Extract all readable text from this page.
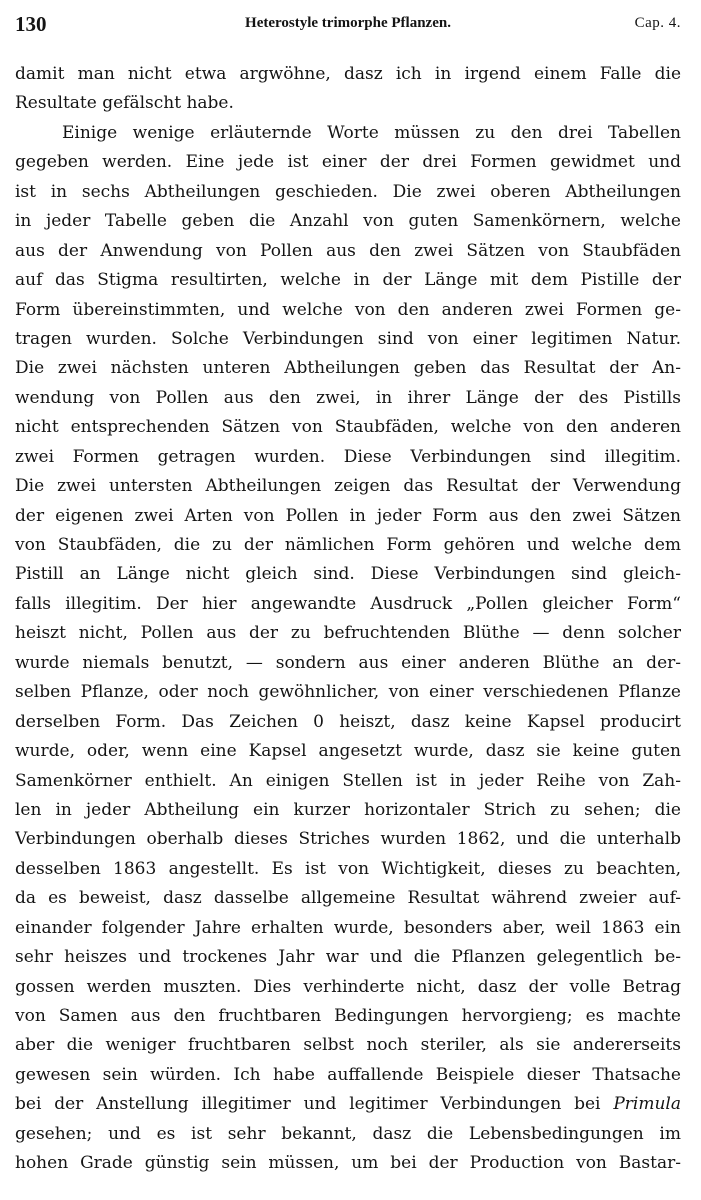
130	Heterostyle trimorphe Pflanzen.	Cap. 4.
damit man nicht etwa argwöhne, dasz ich in irgend einem Falle die
Resultate gefälscht habe.
Einige wenige erläuternde Worte müssen zu den drei Tabellen
gegeben werden. Eine jede ist einer der drei Formen gewidmet und
ist in sechs Abtheilungen geschieden. Die zwei oberen Abtheilungen
in jeder Tabelle geben die Anzahl von guten Samenkörnern, welche
aus der Anwendung von Pollen aus den zwei Sätzen von Staubfäden
auf das Stigma resultirten, welche in der Länge mit dem Pistille der
Form übereinstimmten, und welche von den anderen zwei Formen ge-
tragen wurden. Solche Verbindungen sind von einer legitimen Natur.
Die zwei nächsten unteren Abtheilungen geben das Resultat der An-
wendung von Pollen aus den zwei, in ihrer Länge der des Pistills
nicht entsprechenden Sätzen von Staubfäden, welche von den anderen
zwei Formen getragen wurden. Diese Verbindungen sind illegitim.
Die zwei untersten Abtheilungen zeigen das Resultat der Verwendung
der eigenen zwei Arten von Pollen in jeder Form aus den zwei Sätzen
von Staubfäden, die zu der nämlichen Form gehören und welche dem
Pistill an Länge nicht gleich sind. Diese Verbindungen sind gleich-
falls illegitim. Der hier angewandte Ausdruck „Pollen gleicher Form“
heiszt nicht, Pollen aus der zu befruchtenden Blüthe — denn solcher
wurde niemals benutzt, — sondern aus einer anderen Blüthe an der-
selben Pflanze, oder noch gewöhnlicher, von einer verschiedenen Pflanze
derselben Form. Das Zeichen 0 heiszt, dasz keine Kapsel producirt
wurde, oder, wenn eine Kapsel angesetzt wurde, dasz sie keine guten
Samenkörner enthielt. An einigen Stellen ist in jeder Reihe von Zah-
len in jeder Abtheilung ein kurzer horizontaler Strich zu sehen; die
Verbindungen oberhalb dieses Striches wurden 1862, und die unterhalb
desselben 1863 angestellt. Es ist von Wichtigkeit, dieses zu beachten,
da es beweist, dasz dasselbe allgemeine Resultat während zweier auf-
einander folgender Jahre erhalten wurde, besonders aber, weil 1863 ein
sehr heiszes und trockenes Jahr war und die Pflanzen gelegentlich be-
gossen werden muszten. Dies verhinderte nicht, dasz der volle Betrag
von Samen aus den fruchtbaren Bedingungen hervorgieng; es machte
aber die weniger fruchtbaren selbst noch steriler, als sie andererseits
gewesen sein würden. Ich habe auffallende Beispiele dieser Thatsache
bei der Anstellung illegitimer und legitimer Verbindungen bei Primula
gesehen; und es ist sehr bekannt, dasz die Lebensbedingungen im
hohen Grade günstig sein müssen, um bei der Production von Bastar-
